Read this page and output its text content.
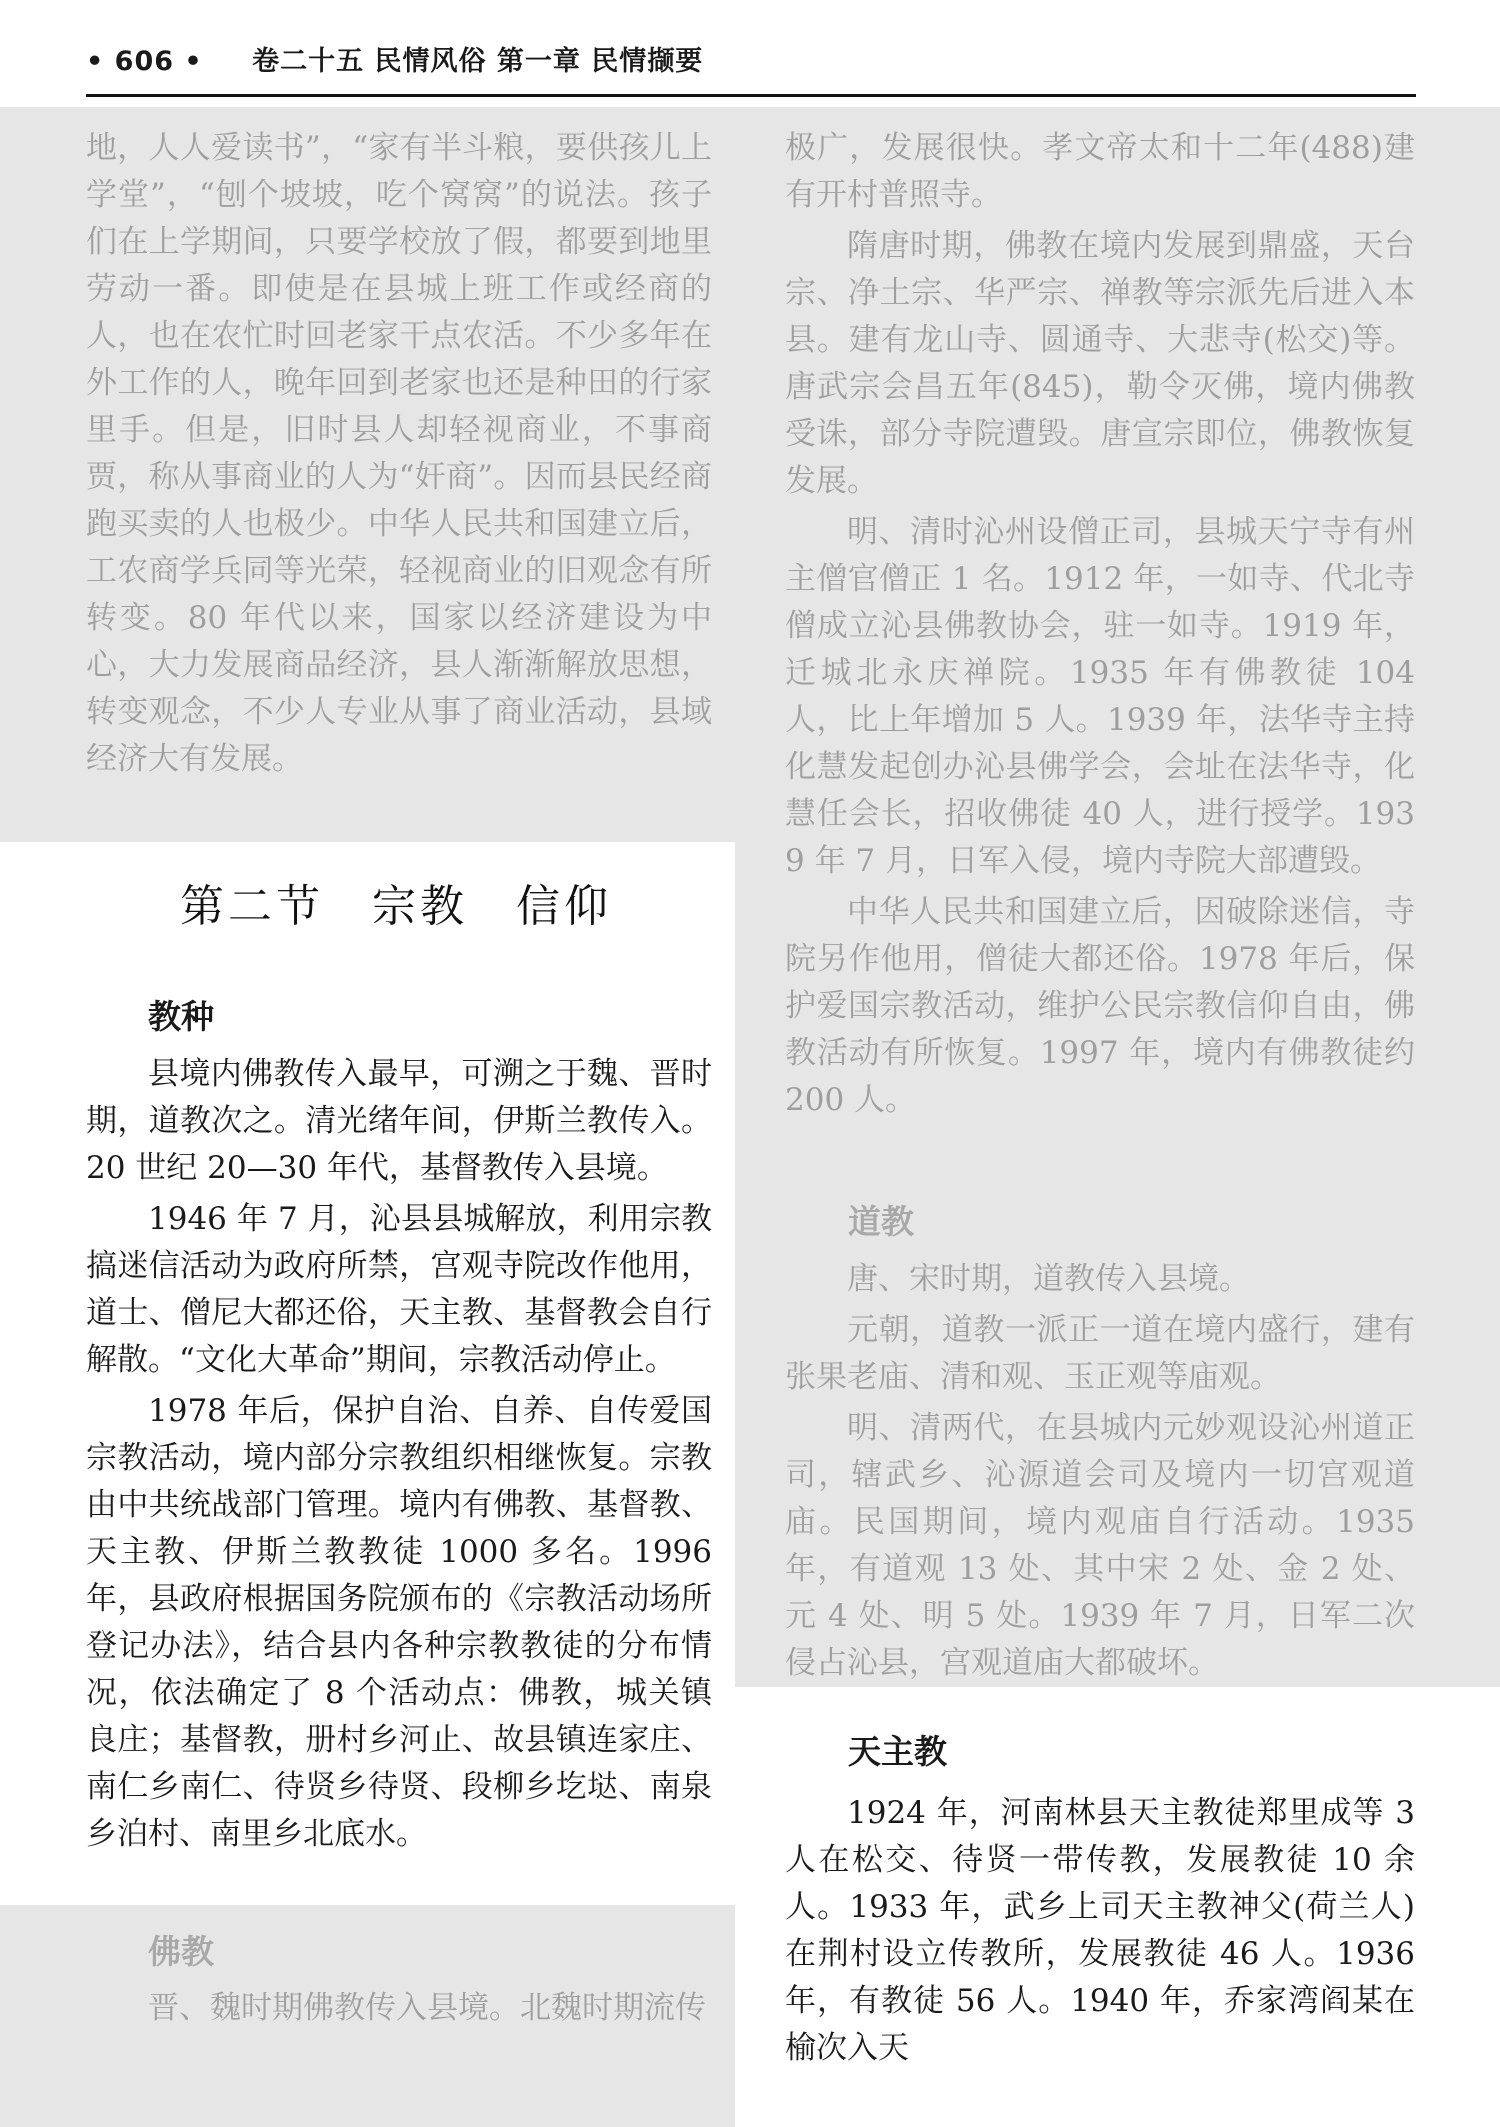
• 606 • 卷二十五 民情风俗 第一章 民情撷要

地，人人爱读书”，“家有半斗粮，要供孩儿上学堂”，“刨个坡坡，吃个窝窝”的说法。孩子们在上学期间，只要学校放了假，都要到地里劳动一番。即使是在县城上班工作或经商的人，也在农忙时回老家干点农活。不少多年在外工作的人，晚年回到老家也还是种田的行家里手。但是，旧时县人却轻视商业，不事商贾，称从事商业的人为“奸商”。因而县民经商跑买卖的人也极少。中华人民共和国建立后，工农商学兵同等光荣，轻视商业的旧观念有所转变。80 年代以来，国家以经济建设为中心，大力发展商品经济，县人渐渐解放思想，转变观念，不少人专业从事了商业活动，县域经济大有发展。

第二节　宗教　信仰
教种

县境内佛教传入最早，可溯之于魏、晋时期，道教次之。清光绪年间，伊斯兰教传入。20 世纪 20—30 年代，基督教传入县境。

1946 年 7 月，沁县县城解放，利用宗教搞迷信活动为政府所禁，宫观寺院改作他用，道士、僧尼大都还俗，天主教、基督教会自行解散。“文化大革命”期间，宗教活动停止。

1978 年后，保护自治、自养、自传爱国宗教活动，境内部分宗教组织相继恢复。宗教由中共统战部门管理。境内有佛教、基督教、天主教、伊斯兰教教徒 1000 多名。1996 年，县政府根据国务院颁布的《宗教活动场所登记办法》，结合县内各种宗教教徒的分布情况，依法确定了 8 个活动点：佛教，城关镇良庄；基督教，册村乡河止、故县镇连家庄、南仁乡南仁、待贤乡待贤、段柳乡圪垯、南泉乡泊村、南里乡北底水。

佛教

晋、魏时期佛教传入县境。北魏时期流传

极广，发展很快。孝文帝太和十二年(488)建有开村普照寺。

隋唐时期，佛教在境内发展到鼎盛，天台宗、净土宗、华严宗、禅教等宗派先后进入本县。建有龙山寺、圆通寺、大悲寺(松交)等。唐武宗会昌五年(845)，勒令灭佛，境内佛教受诛，部分寺院遭毁。唐宣宗即位，佛教恢复发展。

明、清时沁州设僧正司，县城天宁寺有州主僧官僧正 1 名。1912 年，一如寺、代北寺僧成立沁县佛教协会，驻一如寺。1919 年，迁城北永庆禅院。1935 年有佛教徒 104 人，比上年增加 5 人。1939 年，法华寺主持化慧发起创办沁县佛学会，会址在法华寺，化慧任会长，招收佛徒 40 人，进行授学。1939 年 7 月，日军入侵，境内寺院大部遭毁。

中华人民共和国建立后，因破除迷信，寺院另作他用，僧徒大都还俗。1978 年后，保护爱国宗教活动，维护公民宗教信仰自由，佛教活动有所恢复。1997 年，境内有佛教徒约 200 人。

道教

唐、宋时期，道教传入县境。

元朝，道教一派正一道在境内盛行，建有张果老庙、清和观、玉正观等庙观。

明、清两代，在县城内元妙观设沁州道正司，辖武乡、沁源道会司及境内一切宫观道庙。民国期间，境内观庙自行活动。1935 年，有道观 13 处、其中宋 2 处、金 2 处、元 4 处、明 5 处。1939 年 7 月，日军二次侵占沁县，宫观道庙大都破坏。

天主教

1924 年，河南林县天主教徒郑里成等 3 人在松交、待贤一带传教，发展教徒 10 余人。1933 年，武乡上司天主教神父(荷兰人)在荆村设立传教所，发展教徒 46 人。1936 年，有教徒 56 人。1940 年，乔家湾阎某在榆次入天
